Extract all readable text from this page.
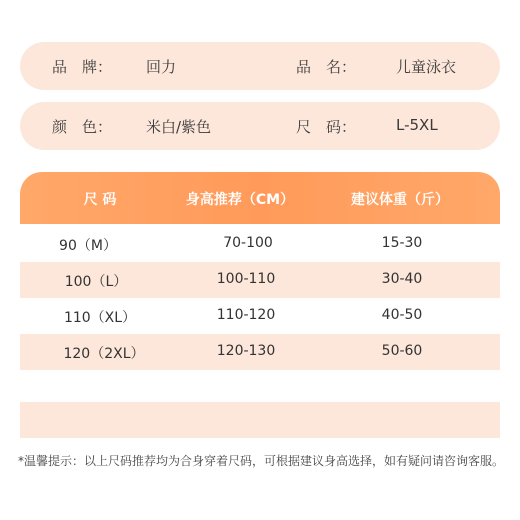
品　牌： 回力	品　名：	儿童泳衣
颜　色： 米白/紫色	尺　码：	L-5XL
尺 码	身高推荐（CM）	建议体重（斤）
90（M）	70-100	15-30
100（L）	100-110	30-40
110（XL）	110-120	40-50
120（2XL）	120-130	50-60
*温馨提示：以上尺码推荐均为合身穿着尺码，可根据建议身高选择，如有疑问请咨询客服。
